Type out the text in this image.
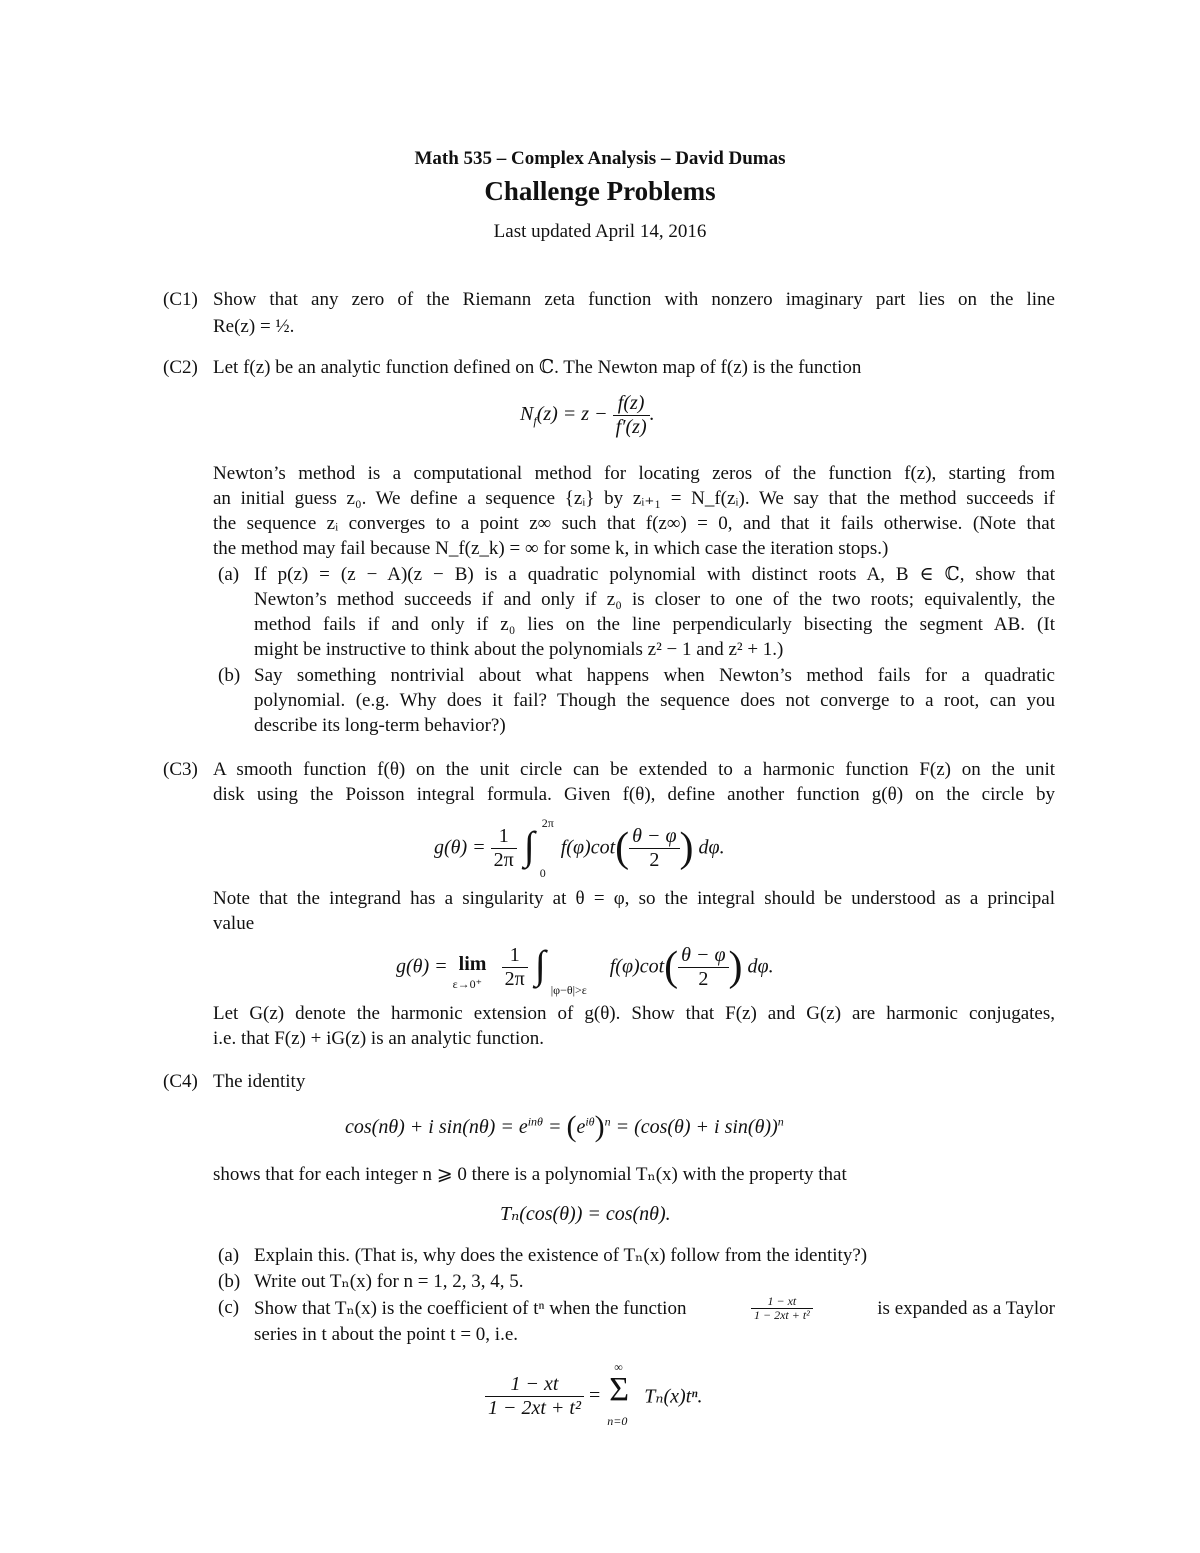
Math 535 – Complex Analysis – David Dumas
Challenge Problems
Last updated April 14, 2016
(C1) Show that any zero of the Riemann zeta function with nonzero imaginary part lies on the line
Re(z) = ½.
(C2) Let f(z) be an analytic function defined on ℂ. The Newton map of f(z) is the function
$N_f(z) = z - \frac{f(z)}{f'(z)}$ .
Newton’s method is a computational method for locating zeros of the function f(z), starting from
an initial guess z₀. We define a sequence {zᵢ} by zᵢ₊₁ = N_f(zᵢ). We say that the method succeeds if
the sequence zᵢ converges to a point z∞ such that f(z∞) = 0, and that it fails otherwise. (Note that
the method may fail because N_f(z_k) = ∞ for some k, in which case the iteration stops.)
(a) If p(z) = (z − A)(z − B) is a quadratic polynomial with distinct roots A, B ∈ ℂ, show that
Newton’s method succeeds if and only if z₀ is closer to one of the two roots; equivalently, the
method fails if and only if z₀ lies on the line perpendicularly bisecting the segment AB. (It
might be instructive to think about the polynomials z² − 1 and z² + 1.)
(b) Say something nontrivial about what happens when Newton’s method fails for a quadratic
polynomial. (e.g. Why does it fail? Though the sequence does not converge to a root, can you
describe its long-term behavior?)
(C3) A smooth function f(θ) on the unit circle can be extended to a harmonic function F(z) on the unit
disk using the Poisson integral formula. Given f(θ), define another function g(θ) on the circle by
$g(\theta) = \frac{1}{2\pi}$
∫ 2π
0
$f(\varphi)\cot( \frac{\theta - \varphi}{2}$ ) dφ.
Note that the integrand has a singularity at θ = φ, so the integral should be understood as a principal
value
g(θ) = lim
ε→0⁺
$\frac{1}{2\pi}$
∫
|φ−θ|>ε
$f(\varphi)\cot( \frac{\theta - \varphi}{2}$ ) dφ.
Let G(z) denote the harmonic extension of g(θ). Show that F(z) and G(z) are harmonic conjugates,
i.e. that F(z) + iG(z) is an analytic function.
(C4) The identity
cos(nθ) + i $\sin(n\theta) = e^{in\theta} = (e^{i\theta})^n = (\cos(\theta) + i$ sin(θ))$^n$
shows that for each integer n ⩾ 0 there is a polynomial Tₙ(x) with the property that
Tₙ(cos(θ)) = cos(nθ).
(a) Explain this. (That is, why does the existence of Tₙ(x) follow from the identity?)
(b) Write out Tₙ(x) for n = 1, 2, 3, 4, 5.
(c) Show that Tₙ(x) is the coefficient of tⁿ when the function	$\frac{1 - xt}{\text{1 − 2xt + t²}}$	is expanded as a Taylor
series in t about the point t = 0, i.e.
$\frac{1 - xt}{\text{1 − 2xt + t²}}$ =
∞
Σ
n=0
Tₙ(x)tⁿ.
